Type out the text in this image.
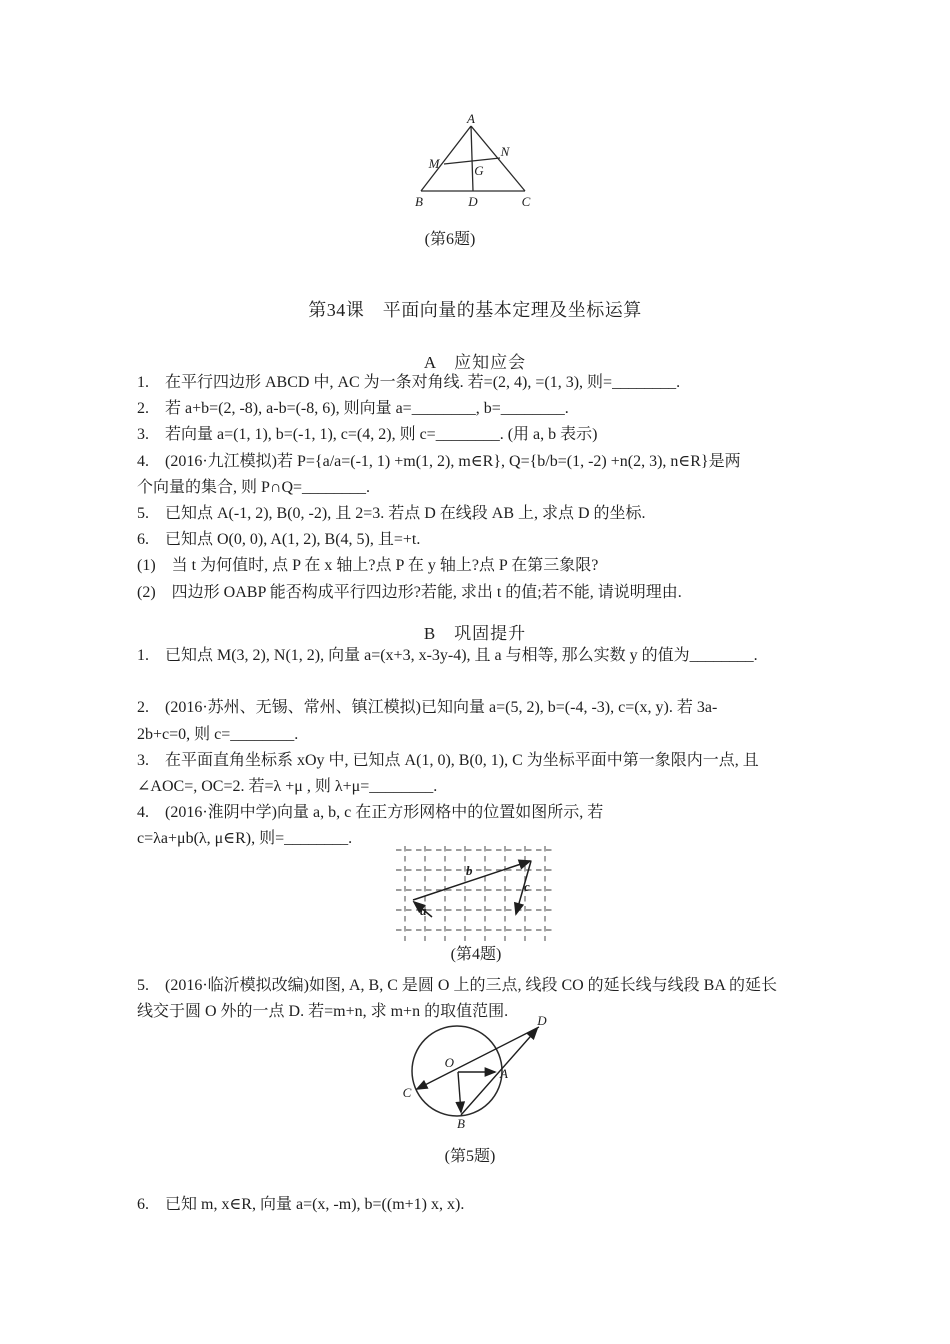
A
M
N
G
B	D	C
(第6题)
第34课　平面向量的基本定理及坐标运算
A　应知应会
1.　在平行四边形 ABCD 中, AC 为一条对角线. 若=(2, 4), =(1, 3), 则=________.
2.　若 a+b=(2, -8), a-b=(-8, 6), 则向量 a=________, b=________.
3.　若向量 a=(1, 1), b=(-1, 1), c=(4, 2), 则 c=________. (用 a, b 表示)
4.　(2016·九江模拟)若 P={a/a=(-1, 1) +m(1, 2), m∈R}, Q={b/b=(1, -2) +n(2, 3), n∈R}是两
个向量的集合, 则 P∩Q=________.
5.　已知点 A(-1, 2), B(0, -2), 且 2=3. 若点 D 在线段 AB 上, 求点 D 的坐标.
6.　已知点 O(0, 0), A(1, 2), B(4, 5), 且=+t.
(1)　当 t 为何值时, 点 P 在 x 轴上?点 P 在 y 轴上?点 P 在第三象限?
(2)　四边形 OABP 能否构成平行四边形?若能, 求出 t 的值;若不能, 请说明理由.
B　巩固提升
1.　已知点 M(3, 2), N(1, 2), 向量 a=(x+3, x-3y-4), 且 a 与相等, 那么实数 y 的值为________.
2.　(2016·苏州、无锡、常州、镇江模拟)已知向量 a=(5, 2), b=(-4, -3), c=(x, y). 若 3a-
2b+c=0, 则 c=________.
3.　在平面直角坐标系 xOy 中, 已知点 A(1, 0), B(0, 1), C 为坐标平面中第一象限内一点, 且
∠AOC=, OC=2. 若=λ +μ , 则 λ+μ=________.
4.　(2016·淮阴中学)向量 a, b, c 在正方形网格中的位置如图所示, 若
c=λa+μb(λ, μ∈R), 则=________.
a
b
c
(第4题)
5.　(2016·临沂模拟改编)如图, A, B, C 是圆 O 上的三点, 线段 CO 的延长线与线段 BA 的延长
线交于圆 O 外的一点 D. 若=m+n, 求 m+n 的取值范围.
O
A
B
C
D
(第5题)
6.　已知 m, x∈R, 向量 a=(x, -m), b=((m+1) x, x).
